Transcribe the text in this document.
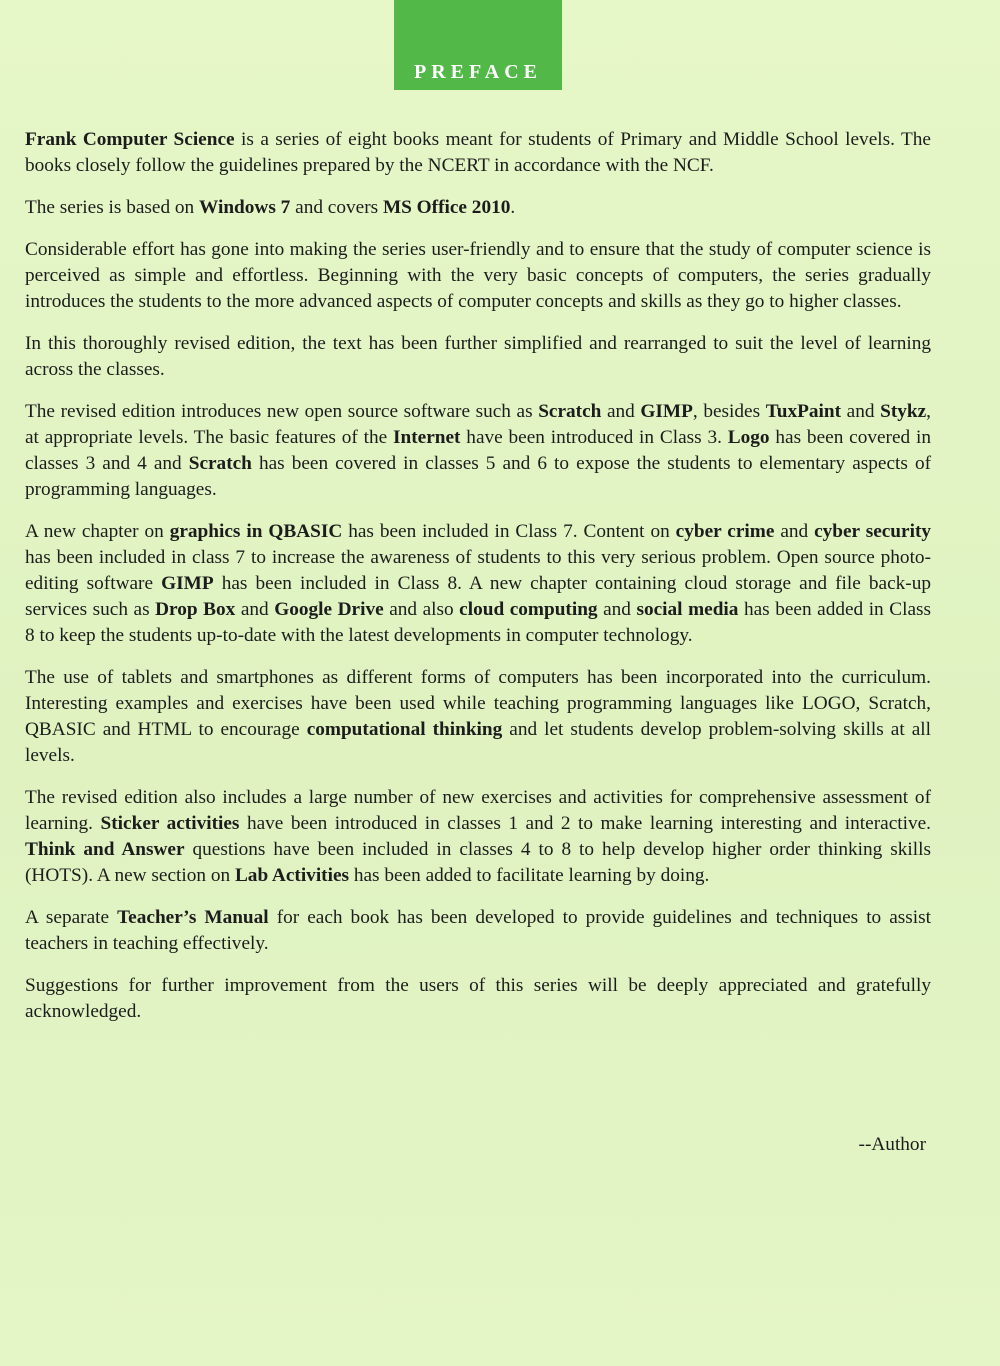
PREFACE

Frank Computer Science is a series of eight books meant for students of Primary and Middle School levels. The books closely follow the guidelines prepared by the NCERT in accordance with the NCF.

The series is based on Windows 7 and covers MS Office 2010.

Considerable effort has gone into making the series user-friendly and to ensure that the study of computer science is perceived as simple and effortless. Beginning with the very basic concepts of computers, the series gradually introduces the students to the more advanced aspects of computer concepts and skills as they go to higher classes.

In this thoroughly revised edition, the text has been further simplified and rearranged to suit the level of learning across the classes.

The revised edition introduces new open source software such as Scratch and GIMP, besides TuxPaint and Stykz, at appropriate levels. The basic features of the Internet have been introduced in Class 3. Logo has been covered in classes 3 and 4 and Scratch has been covered in classes 5 and 6 to expose the students to elementary aspects of programming languages.

A new chapter on graphics in QBASIC has been included in Class 7. Content on cyber crime and cyber security has been included in class 7 to increase the awareness of students to this very serious problem. Open source photo-editing software GIMP has been included in Class 8. A new chapter containing cloud storage and file back-up services such as Drop Box and Google Drive and also cloud computing and social media has been added in Class 8 to keep the students up-to-date with the latest developments in computer technology.

The use of tablets and smartphones as different forms of computers has been incorporated into the curriculum. Interesting examples and exercises have been used while teaching programming languages like LOGO, Scratch, QBASIC and HTML to encourage computational thinking and let students develop problem-solving skills at all levels.

The revised edition also includes a large number of new exercises and activities for comprehensive assessment of learning. Sticker activities have been introduced in classes 1 and 2 to make learning interesting and interactive. Think and Answer questions have been included in classes 4 to 8 to help develop higher order thinking skills (HOTS). A new section on Lab Activities has been added to facilitate learning by doing.

A separate Teacher’s Manual for each book has been developed to provide guidelines and techniques to assist teachers in teaching effectively.

Suggestions for further improvement from the users of this series will be deeply appreciated and gratefully acknowledged.

--Author
